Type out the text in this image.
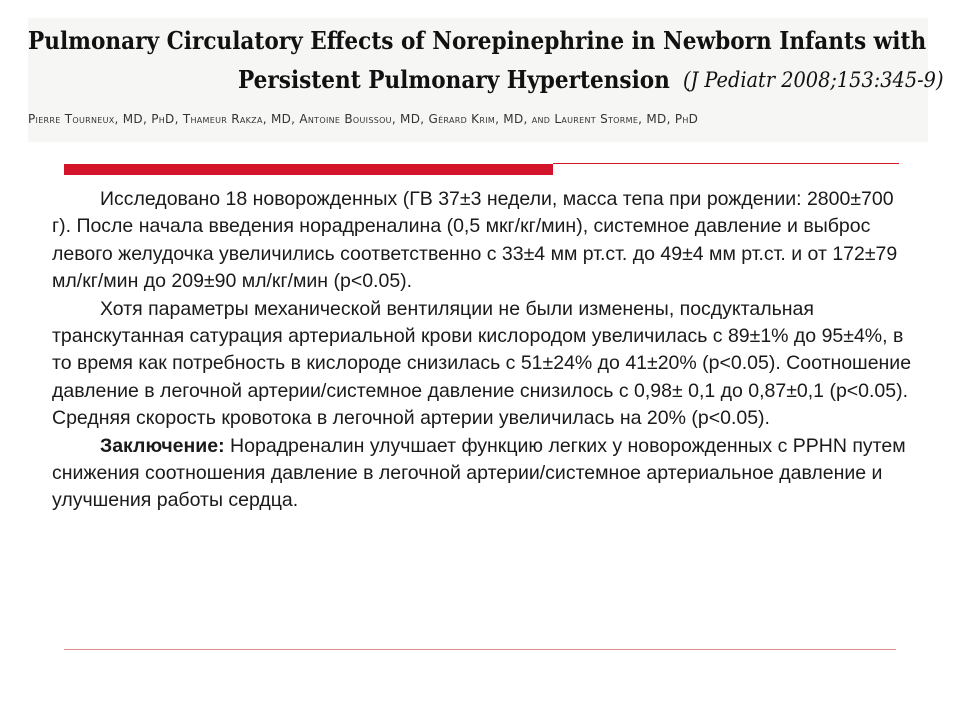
Pulmonary Circulatory Effects of Norepinephrine in Newborn Infants with
Persistent Pulmonary Hypertension (J Pediatr 2008;153:345-9)
Pierre Tourneux, MD, PhD, Thameur Rakza, MD, Antoine Bouissou, MD, Gérard Krim, MD, and Laurent Storme, MD, PhD

Исследовано 18 новорожденных (ГВ 37±3 недели, масса тепа при рождении: 2800±700 г). После начала введения норадреналина (0,5 мкг/кг/мин), системное давление и выброс левого желудочка увеличились соответственно с 33±4 мм рт.ст. до 49±4 мм рт.ст. и от 172±79 мл/кг/мин до 209±90 мл/кг/мин (p<0.05).

Хотя параметры механической вентиляции не были изменены, посдуктальная транскутанная сатурация артериальной крови кислородом увеличилась с 89±1% до 95±4%, в то время как потребность в кислороде снизилась с 51±24% до 41±20% (p<0.05). Соотношение давление в легочной артерии/системное давление снизилось с 0,98± 0,1 до 0,87±0,1 (p<0.05). Средняя скорость кровотока в легочной артерии увеличилась на 20% (p<0.05).

Заключение: Норадреналин улучшает функцию легких у новорожденных с PPHN путем снижения соотношения давление в легочной артерии/системное артериальное давление и улучшения работы сердца.
